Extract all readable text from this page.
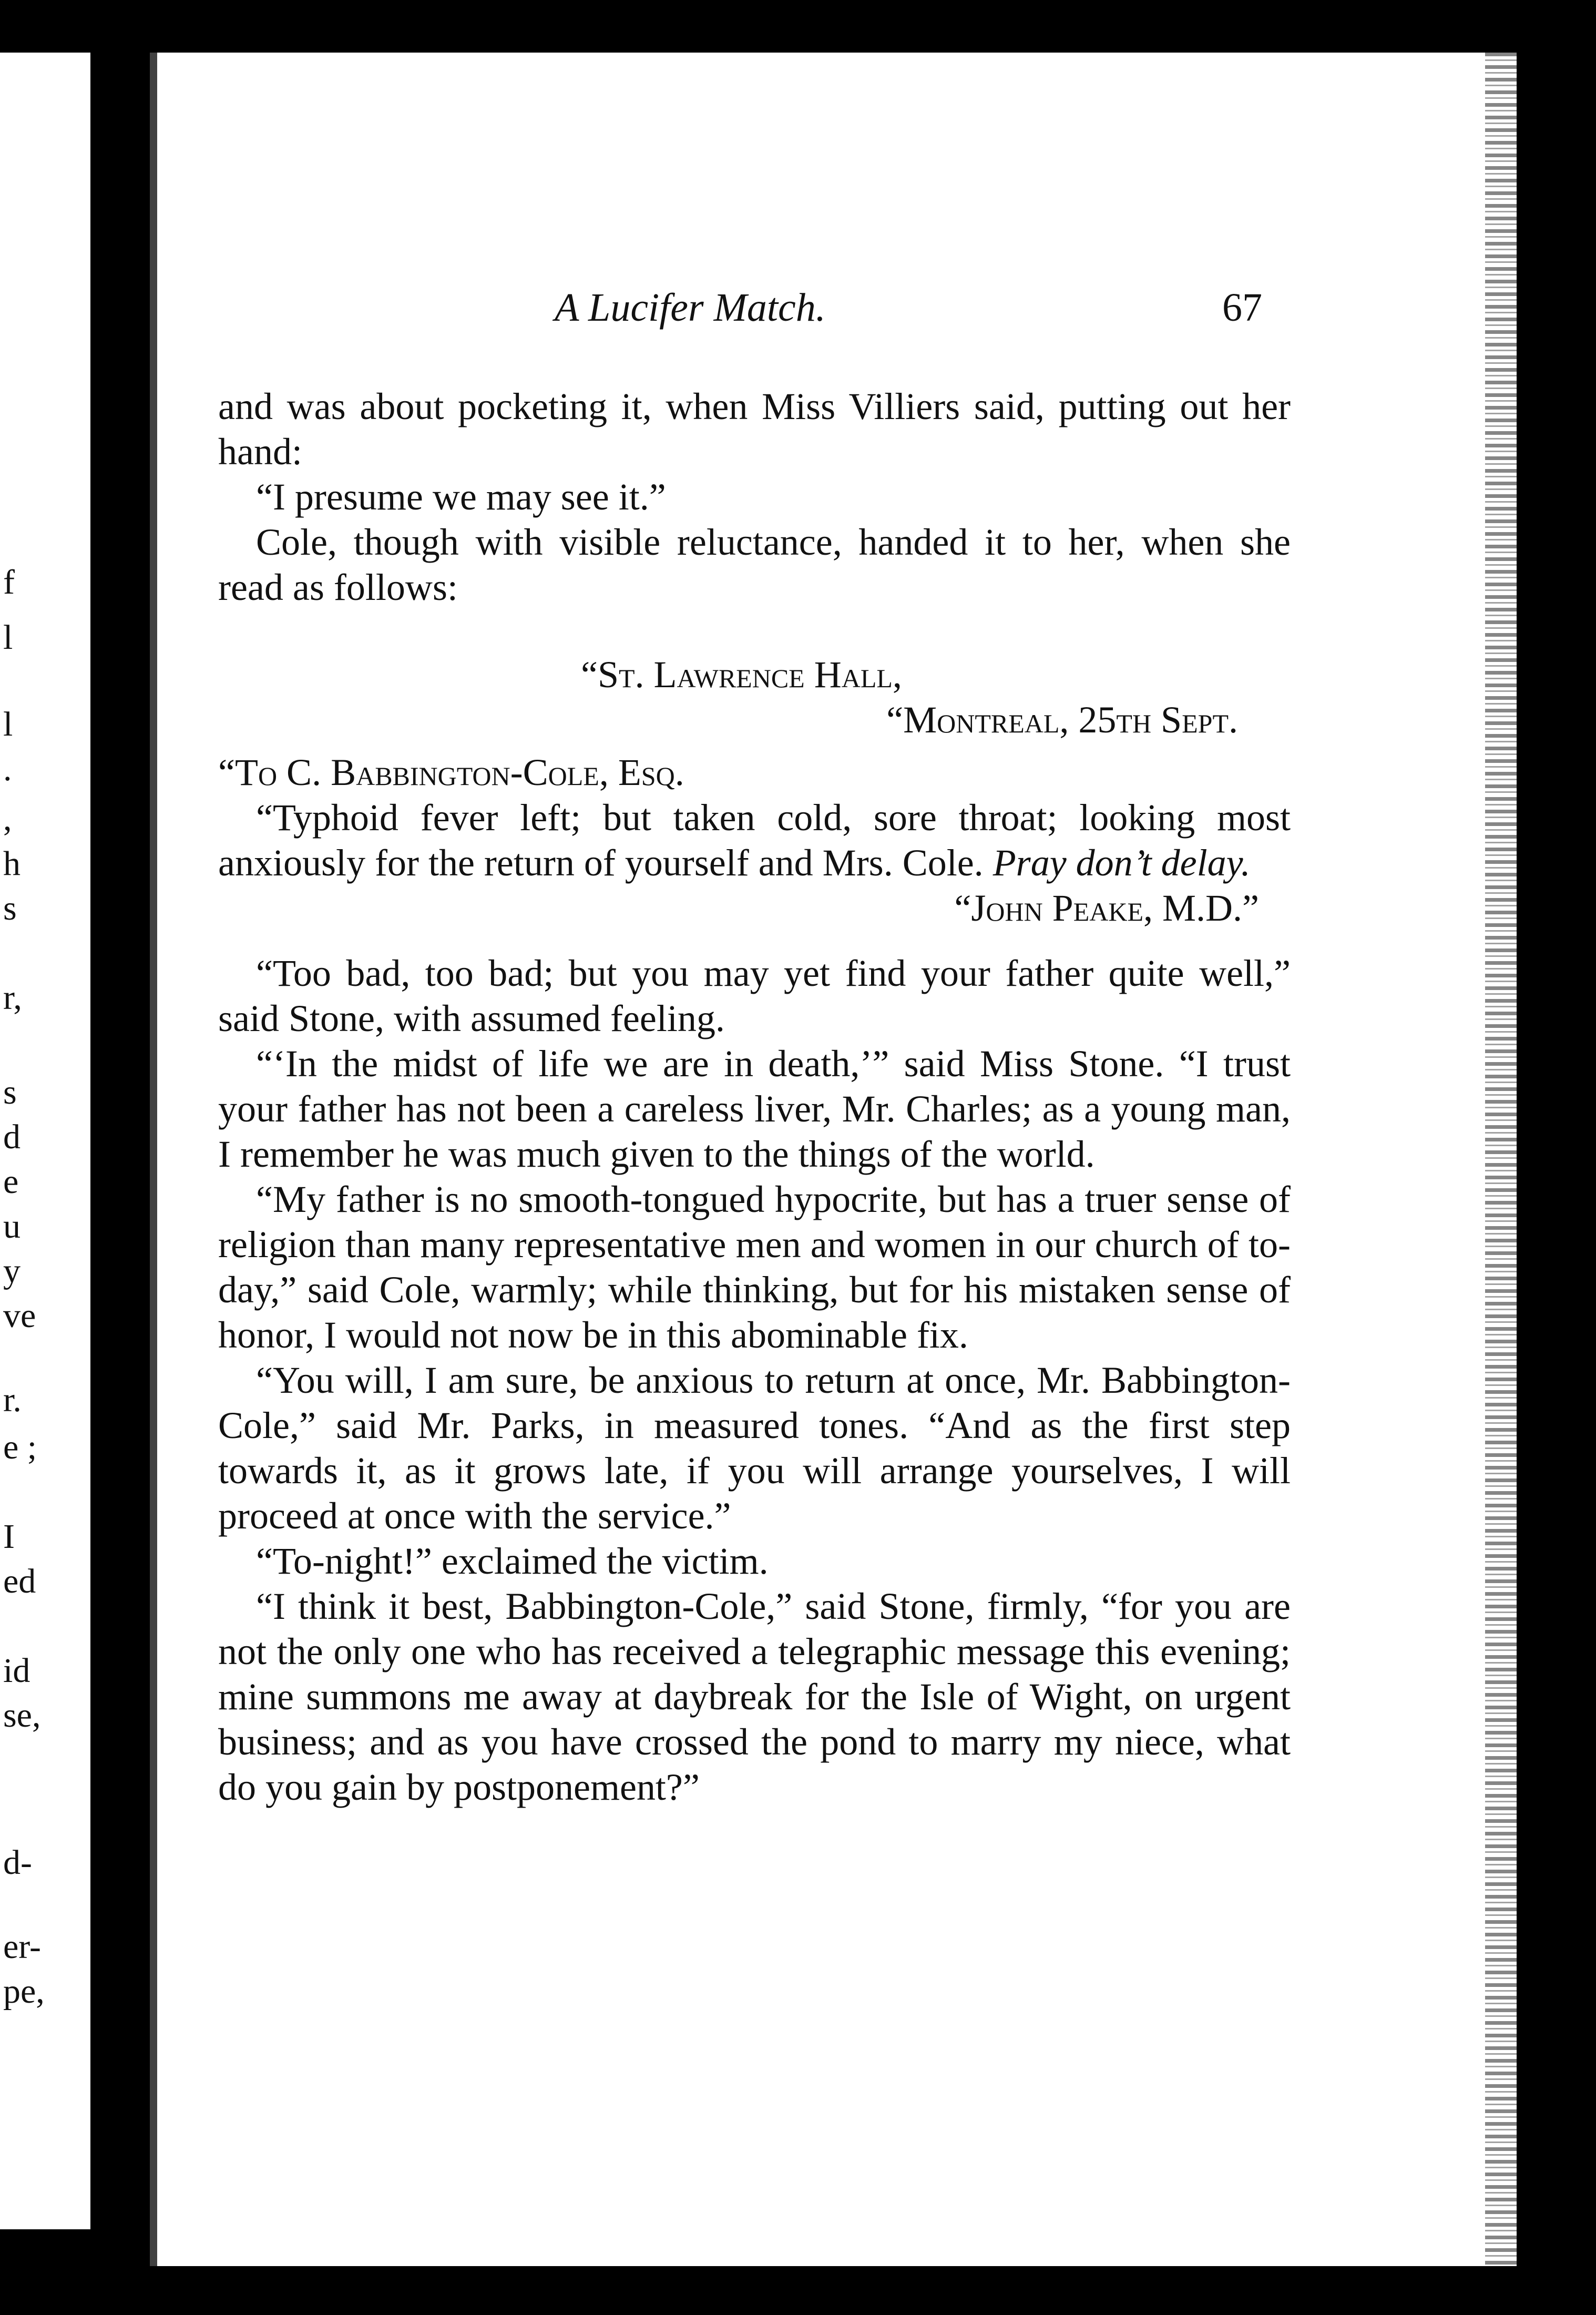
f
l
l
.
,
h
s
r,
s
d
e
u
y
ve
r.
e ;
I
ed
id
se,
d-
er-
pe,
A Lucifer Match.	67

and was about pocketing it, when Miss Villiers said, putting out her hand:

“I presume we may see it.”

Cole, though with visible reluctance, handed it to her, when she read as follows:

“St. Lawrence Hall,

“Montreal, 25th Sept.

“To C. Babbington-Cole, Esq.

“Typhoid fever left; but taken cold, sore throat; looking most anxiously for the return of yourself and Mrs. Cole. Pray don’t delay.

“John Peake, M.D.”

“Too bad, too bad; but you may yet find your father quite well,” said Stone, with assumed feeling.

“‘In the midst of life we are in death,’” said Miss Stone. “I trust your father has not been a careless liver, Mr. Charles; as a young man, I remember he was much given to the things of the world.

“My father is no smooth-tongued hypocrite, but has a truer sense of religion than many representative men and women in our church of to-day,” said Cole, warmly; while thinking, but for his mistaken sense of honor, I would not now be in this abominable fix.

“You will, I am sure, be anxious to return at once, Mr. Babbington-Cole,” said Mr. Parks, in measured tones. “And as the first step towards it, as it grows late, if you will arrange yourselves, I will proceed at once with the service.”

“To-night!” exclaimed the victim.

“I think it best, Babbington-Cole,” said Stone, firmly, “for you are not the only one who has received a telegraphic message this evening; mine summons me away at daybreak for the Isle of Wight, on urgent business; and as you have crossed the pond to marry my niece, what do you gain by postponement?”
